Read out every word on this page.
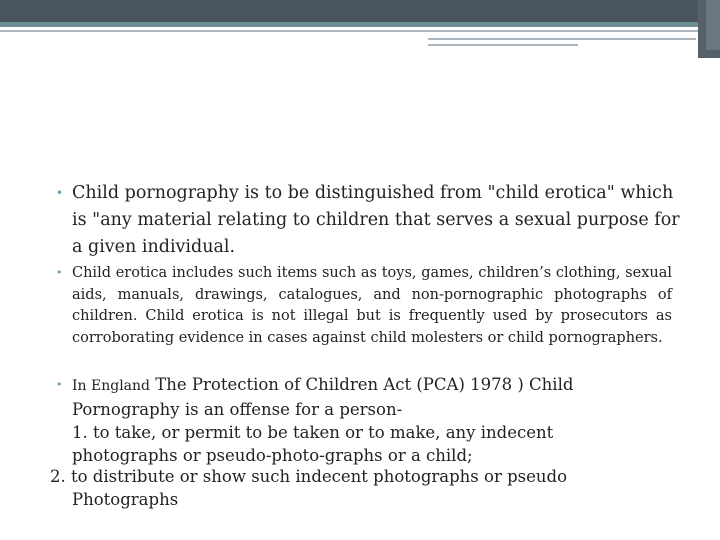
• Child pornography is to be distinguished from "child erotica" which is "any material relating to children that serves a sexual purpose for a given individual.
• Child erotica includes such items such as toys, games, children’s clothing, sexual aids, manuals, drawings, catalogues, and non-pornographic photographs of children. Child erotica is not illegal but is frequently used by prosecutors as corroborating evidence in cases against child molesters or child pornographers.
• In England The Protection of Children Act (PCA) 1978 ) Child Pornography is an offense for a person-
1. to take, or permit to be taken or to make, any indecent photographs or pseudo-photo-graphs or a child;
2. to distribute or show such indecent photographs or pseudo
Photographs
